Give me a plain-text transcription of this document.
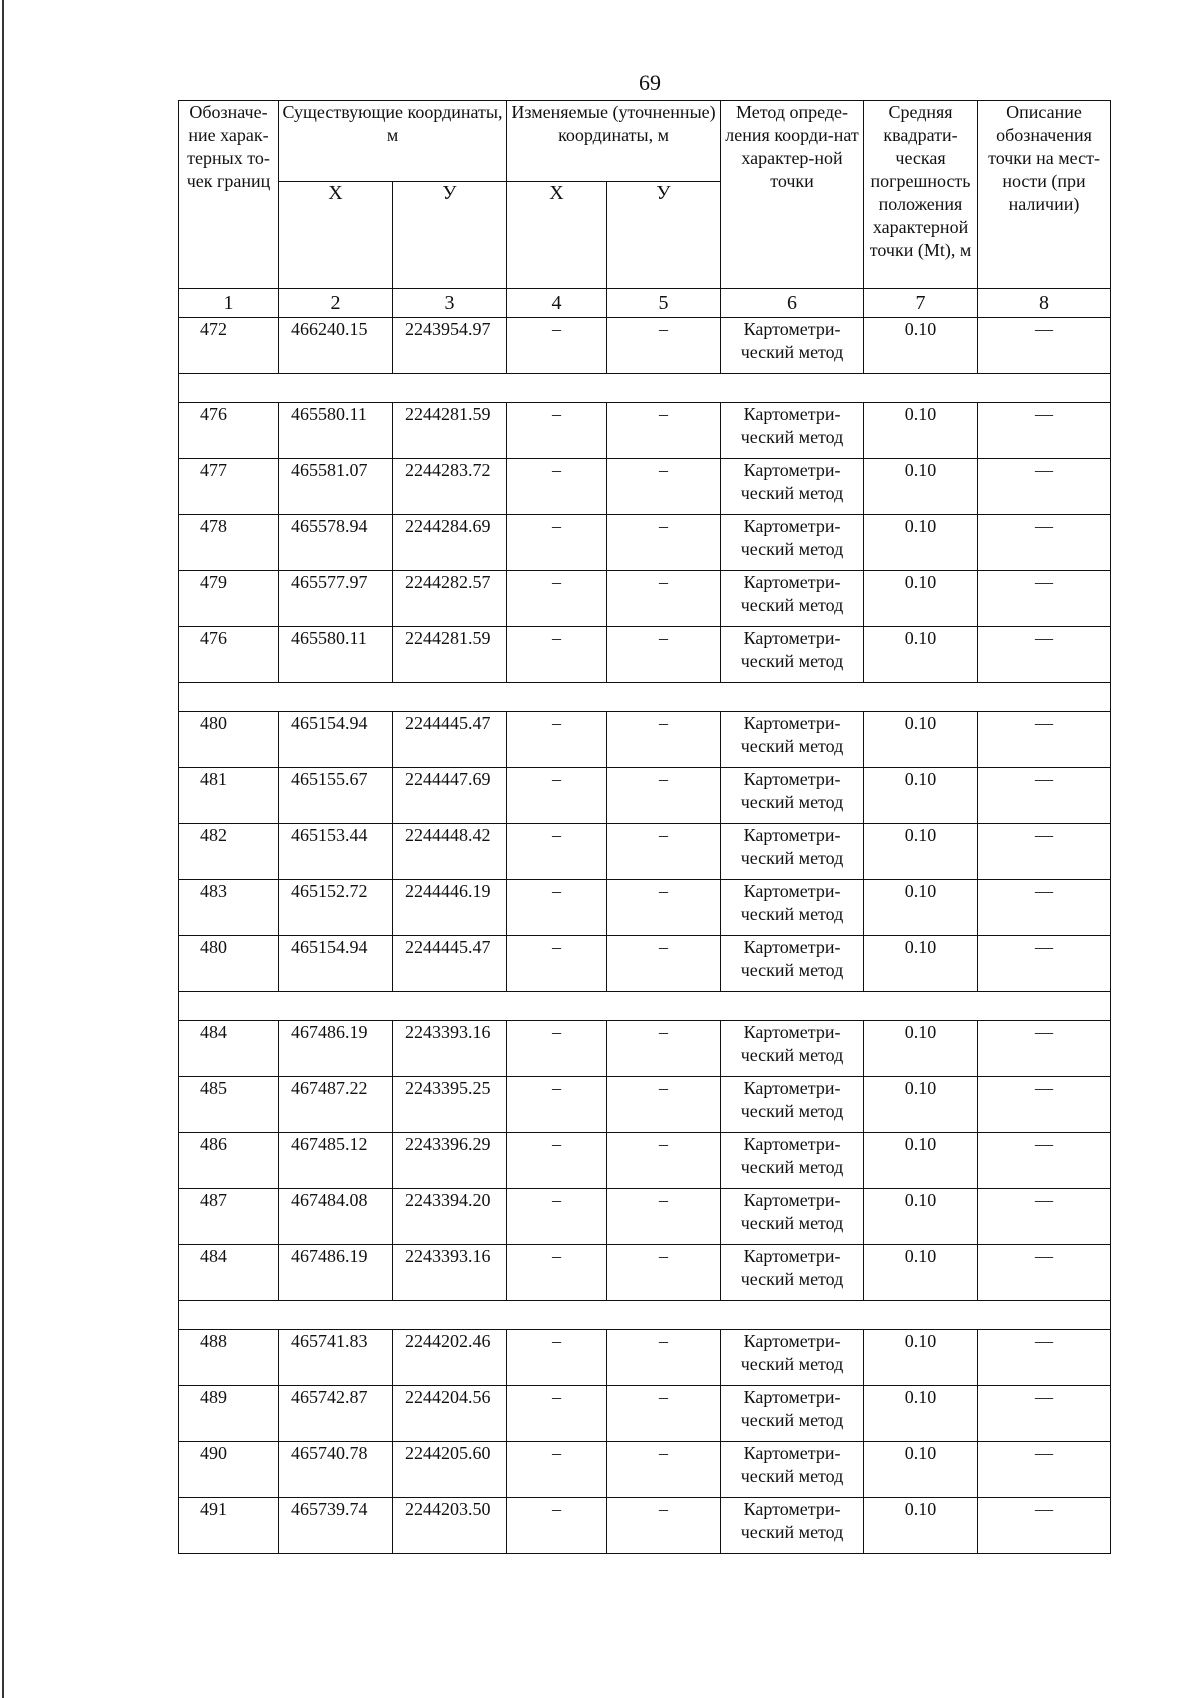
69
Обозначе-ние харак-терных то-чек границ	Существующие координаты, м		Изменяемые (уточненные) координаты, м		Метод опреде-ления коорди-нат характер-ной точки	Средняя квадрати-ческая погрешность положения характерной точки (Mt), м	Описание обозначения точки на мест-ности (при наличии)
	X	У	X	У			
1	2	3	4	5	6	7	8
472	466240.15	2243954.97	–	–	Картометри-ческий метод	0.10	—

476	465580.11	2244281.59	–	–	Картометри-ческий метод	0.10	—
477	465581.07	2244283.72	–	–	Картометри-ческий метод	0.10	—
478	465578.94	2244284.69	–	–	Картометри-ческий метод	0.10	—
479	465577.97	2244282.57	–	–	Картометри-ческий метод	0.10	—
476	465580.11	2244281.59	–	–	Картометри-ческий метод	0.10	—

480	465154.94	2244445.47	–	–	Картометри-ческий метод	0.10	—
481	465155.67	2244447.69	–	–	Картометри-ческий метод	0.10	—
482	465153.44	2244448.42	–	–	Картометри-ческий метод	0.10	—
483	465152.72	2244446.19	–	–	Картометри-ческий метод	0.10	—
480	465154.94	2244445.47	–	–	Картометри-ческий метод	0.10	—

484	467486.19	2243393.16	–	–	Картометри-ческий метод	0.10	—
485	467487.22	2243395.25	–	–	Картометри-ческий метод	0.10	—
486	467485.12	2243396.29	–	–	Картометри-ческий метод	0.10	—
487	467484.08	2243394.20	–	–	Картометри-ческий метод	0.10	—
484	467486.19	2243393.16	–	–	Картометри-ческий метод	0.10	—

488	465741.83	2244202.46	–	–	Картометри-ческий метод	0.10	—
489	465742.87	2244204.56	–	–	Картометри-ческий метод	0.10	—
490	465740.78	2244205.60	–	–	Картометри-ческий метод	0.10	—
491	465739.74	2244203.50	–	–	Картометри-ческий метод	0.10	—
